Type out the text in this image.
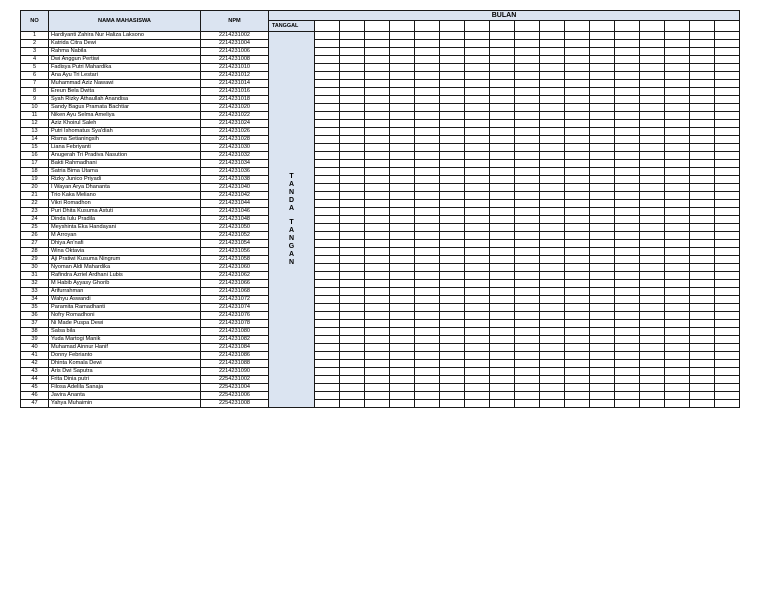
NO	NAMA MAHASISWA	NPM	BULAN																	
			TANGGAL																	
1	Hardiyanti Zahira Nur Haliza Laksono	2214231002	TANDA
TANGAN																	

2	Katrida Citra Dewi	2214231004																		
3	Rahma Nabila	2214231006																		
4	Dwi Anggun Pertiwi	2214231008																		
5	Fadisya Putri Mahardika	2214231010																		
6	Ana Ayu Tri Lestari	2214231012																		
7	Muhammad Aziz Nawawi	2214231014																		
8	Ereun Bela Dwita	2214231016																		
9	Syah Rizky Athaullah Anandisa	2214231018																		
10	Sandy Bagus Pramata Bachtiar	2214231020																		
11	Niken Ayu Selma Ameliya	2214231022																		
12	Aziz Khoirul Saleh	2214231024																		
13	Putri Ishomatus Sya'diah	2214231026																		
14	Risma Setianingsih	2214231028																		
15	Liana Febriyanti	2214231030																		
16	Anugerah Tri Pradiva Nasution	2214231032																		
17	Bakti Rahmadhani	2214231034																		
18	Satria Bima Utama	2214231036																		
19	Rizky Junico Priyadi	2214231038																		
20	I Wayan Arya Dhananta	2214231040																		
21	Trio Kaka Meliano	2214231042																		
22	Vikri Romadhon	2214231044																		
23	Puri Dhita Kusuma Astuti	2214231046																		
24	Dinda Iulu Pradila	2214231048																		
25	Meyshinta Eka Handayani	2214231050																		
26	M Arroyan	2214231052																		
27	Dhiya An'nafi	2214231054																		
28	Wina Oktavia	2214231056																		
29	Aji Pratiwi Kusuma Ningrum	2214231058																		
30	Nyoman Aldi Mahardika	2214231060																		
31	Rafindra Azriel Ardhani Lubis	2214231062																		
32	M Habib Ayyasy Ghorib	2214231066																		
33	Arifurrahman	2214231068																		
34	Wahyu Aswandi	2214231072																		
35	Paramita Ramadhanti	2214231074																		
36	Nofry Romadhoni	2214231076																		
37	Ni Made Puspa Dewi	2214231078																		
38	Salsa bila	2214231080																		
39	Yuda Martogi Manik	2214231082																		
40	Muhamad Ainnur Hanif	2214231084																		
41	Donny Febrianto	2214231086																		
42	Dhinta Komala Dewi	2214231088																		
43	Aris Dwi Saputra	2214231090																		
44	Frita Dinia putri	2254231002																		
45	Filosa Adelila Sanaja	2254231004																		
46	Javira Ananta	2254231006																		
47	Yahya Muhaimin	2254231008																		
